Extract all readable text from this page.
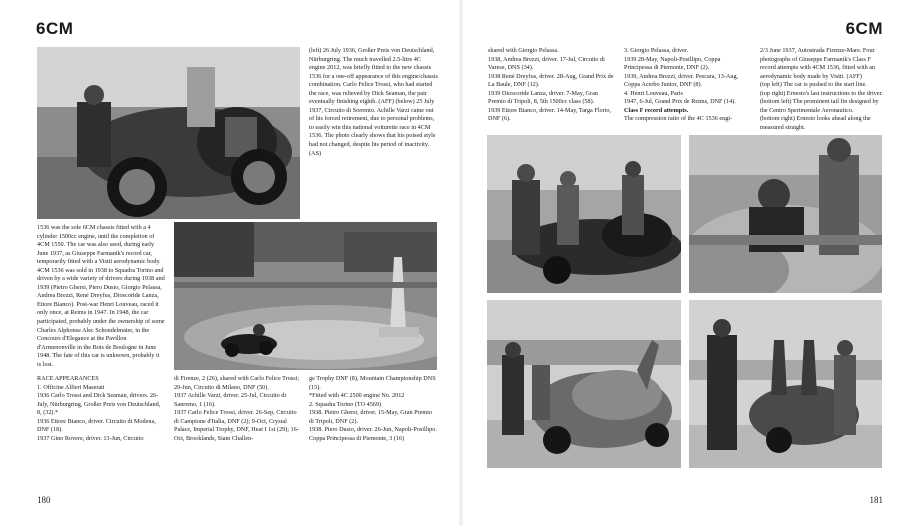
6CM
(left) 26 July 1936, Großer Preis von Deutschland, Nürburgring. The much travelled 2.5-litre 4C engine 2012, was briefly fitted to the new chassis 1536 for a one-off appearance of this engine/chassis combination. Carlo Felice Trossi, who had started the race, was relieved by Dick Seaman, the pair eventually finishing eighth. (AFF) (below) 25 July 1937, Circuito di Sorrento. Achille Varzi came out of his forced retirement, due to personal problems, to easily win this national voiturette race in 4CM 1536. The photo clearly shows that his poised style had not changed, despite his period of inactivity. (AS)

1536 was the sole 6CM chassis fitted with a 4 cylinder 1500cc engine, until the completion of 4CM 1550. The car was also used, during early June 1937, as Giuseppe Farmanik's record car, temporarily fitted with a Vistti aerodynamic body.

4CM 1536 was sold in 1938 to Squadra Torino and driven by a wide variety of drivers during 1938 and 1939 (Pietro Ghersi, Piero Dusio, Giorgio Pelassa, Andrea Brezzi, René Dreyfus, Dioscoride Lanza, Ettore Bianco). Post-war Henri Louveau, raced it only once, at Reims in 1947. In 1948, the car participated, probably under the ownership of some Charles Alphonse Alec Schondelmaier, in the Concours d'Elegance at the Pavillon d'Armenonville in the Bois de Boulogne in June 1948. The fate of this car is unknown, probably it is lost.

RACE APPEARANCES

1. Officine Alfieri Maserati

1936 Carlo Trossi and Dick Seaman, drivers. 26-July, Nürburgring, Großer Preis von Deutschland, 8, (32).*

1936 Ettore Bianco, driver. Circuito di Modena, DNF (18).

1937 Gino Rovere, driver. 13-Jun, Circuito

di Firenze, 2 (26), shared with Carlo Felice Trossi; 20-Jun, Circuito di Milano, DNF (50).

1937 Achille Varzi, driver. 25-Jul, Circuito di Sanremo, 1 (16).

1937 Carlo Felice Trossi, driver. 26-Sep, Circuito di Campione d'Italia, DNF (2); 9-Oct, Crystal Palace, Imperial Trophy, DNF, Heat I 1st (29); 16-Oct, Brooklands, Siam Challen-

ge Trophy DNF (8), Mountain Championship DNS (15).

*Fitted with 4C 2500 engine No. 2012

2. Squadra Torino (TO 4569)

1938. Pietro Ghersi, driver. 15-May, Gran Premio di Tripoli, DNF (2).

1938. Piero Dusio, driver. 26-Jun, Napoli-Posillipo. Coppa Principessa di Piemonte, 3 (16)

180
6CM

shared with Giorgio Pelassa.

1938, Andrea Brezzi, driver. 17-Jul, Circuito di Varese, DNS (34).

1938 René Dreyfus, driver. 28-Aug, Grand Prix de La Baule, DNF (12).

1939 Dioscoride Lanza, driver. 7-May, Gran Premio di Tripoli, 8, 5th 1500cc class (58).

1939 Ettore Bianco, driver. 14-May, Targa Florio, DNF (6).

3. Giorgio Pelassa, driver.

1939 28-May, Napoli-Posillipo, Coppa Principessa di Piemonte, DNF (2).

1939, Andrea Brezzi, driver. Pescara, 13-Aug, Coppa Acerbo Junior, DNF (8).

4. Henri Louveau, Paris

1947, 6-Jul, Grand Prix de Reims, DNF (14).

Class F record attempts.

The compression ratio of the 4C 1536 engi-

2/3 June 1937, Autostrada Firenze-Mare. Four photographs of Giuseppe Farmanik's Class F record attempts with 4CM 1536, fitted with an aerodynamic body made by Vistti. (AFF)

(top left) The car is pushed to the start line.

(top right) Ernesto's last instructions to the driver.

(bottom left) The prominent tail fin designed by the Centro Sperimentale Aeronautico.

(bottom right) Ernesto looks ahead along the measured straight.

181
